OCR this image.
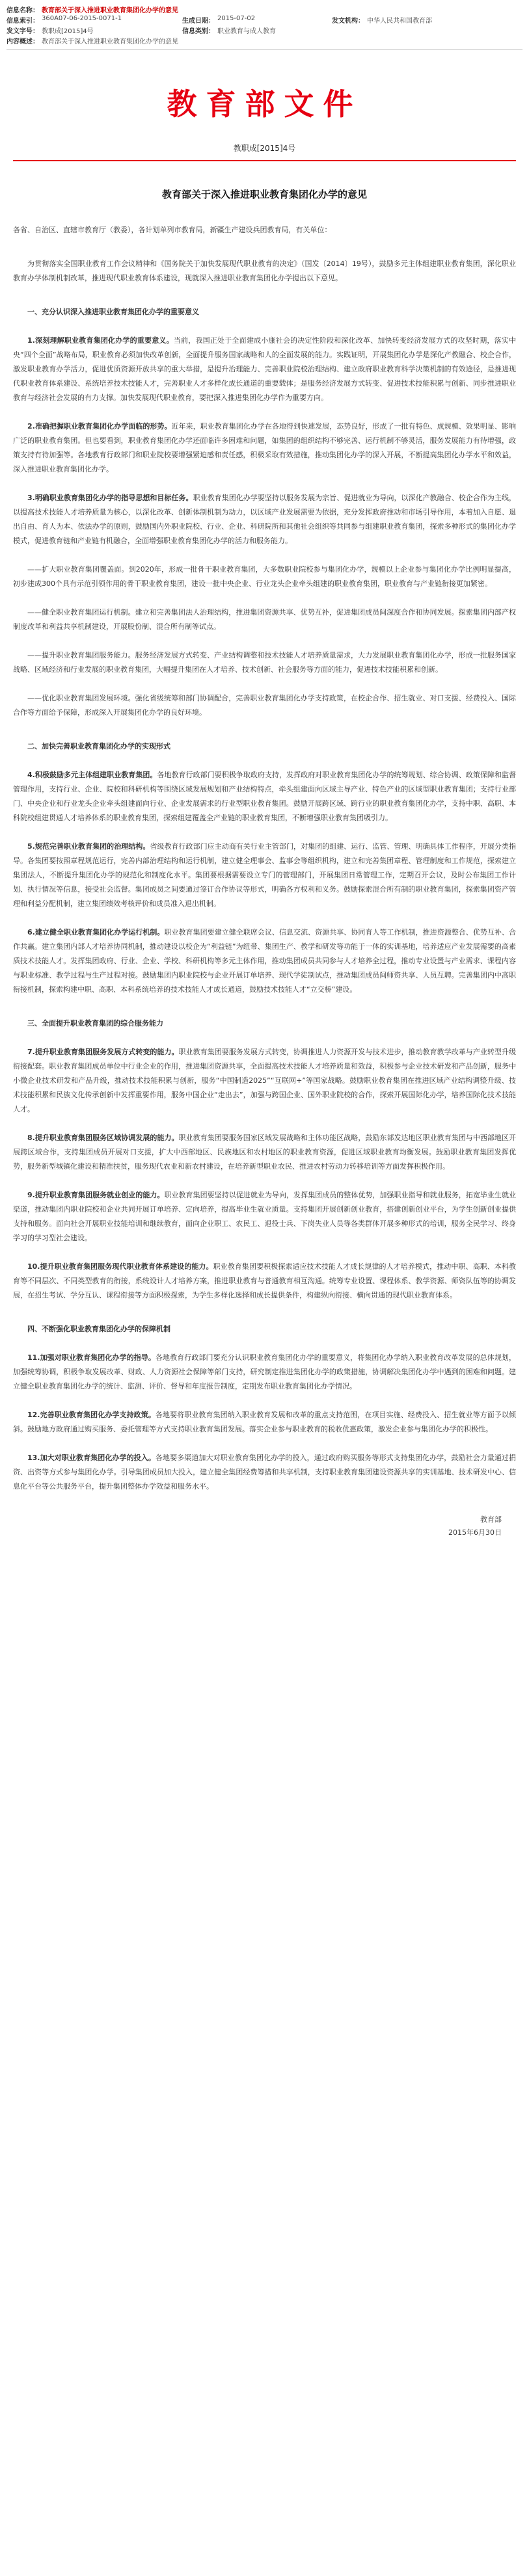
信息名称： 教育部关于深入推进职业教育集团化办学的意见
信息索引： 360A07-06-2015-0071-1	生成日期： 2015-07-02	发文机构： 中华人民共和国教育部
发文字号： 教职成[2015]4号	信息类别： 职业教育与成人教育
内容概述： 教育部关于深入推进职业教育集团化办学的意见
教育部文件
教职成[2015]4号
教育部关于深入推进职业教育集团化办学的意见
各省、自治区、直辖市教育厅（教委），各计划单列市教育局，新疆生产建设兵团教育局，有关单位：

为贯彻落实全国职业教育工作会议精神和《国务院关于加快发展现代职业教育的决定》（国发〔2014〕19号），鼓励多元主体组建职业教育集团，深化职业教育办学体制机制改革，推进现代职业教育体系建设，现就深入推进职业教育集团化办学提出以下意见。

一、充分认识深入推进职业教育集团化办学的重要意义

1.深刻理解职业教育集团化办学的重要意义。当前，我国正处于全面建成小康社会的决定性阶段和深化改革、加快转变经济发展方式的攻坚时期，落实中央“四个全面”战略布局，职业教育必须加快改革创新，全面提升服务国家战略和人的全面发展的能力。实践证明，开展集团化办学是深化产教融合、校企合作，激发职业教育办学活力，促进优质资源开放共享的重大举措，是提升治理能力、完善职业院校治理结构、建立政府职业教育科学决策机制的有效途径，是推进现代职业教育体系建设、系统培养技术技能人才，完善职业人才多样化成长通道的重要载体；是服务经济发展方式转变、促进技术技能积累与创新、同步推进职业教育与经济社会发展的有力支撑。加快发展现代职业教育，要把深入推进集团化办学作为重要方向。

2.准确把握职业教育集团化办学面临的形势。近年来，职业教育集团化办学在各地得到快速发展，态势良好，形成了一批有特色、成规模、效果明显、影响广泛的职业教育集团。但也要看到，职业教育集团化办学还面临许多困难和问题，如集团的组织结构不够完善、运行机制不够灵活，服务发展能力有待增强，政策支持有待加强等。各地教育行政部门和职业院校要增强紧迫感和责任感，积极采取有效措施，推动集团化办学的深入开展，不断提高集团化办学水平和效益，深入推进职业教育集团化办学。

3.明确职业教育集团化办学的指导思想和目标任务。职业教育集团化办学要坚持以服务发展为宗旨、促进就业为导向，以深化产教融合、校企合作为主线，以提高技术技能人才培养质量为核心，以深化改革、创新体制机制为动力，以区域产业发展需要为依据，充分发挥政府推动和市场引导作用，本着加入自愿、退出自由、育人为本、依法办学的原则，鼓励国内外职业院校、行业、企业、科研院所和其他社会组织等共同参与组建职业教育集团，探索多种形式的集团化办学模式，促进教育链和产业链有机融合，全面增强职业教育集团化办学的活力和服务能力。

——扩大职业教育集团覆盖面。到2020年，形成一批骨干职业教育集团，大多数职业院校参与集团化办学，规模以上企业参与集团化办学比例明显提高，初步建成300个具有示范引领作用的骨干职业教育集团，建设一批中央企业、行业龙头企业牵头组建的职业教育集团，职业教育与产业链衔接更加紧密。

——健全职业教育集团运行机制。建立和完善集团法人治理结构，推进集团资源共享、优势互补，促进集团成员间深度合作和协同发展。探索集团内部产权制度改革和利益共享机制建设，开展股份制、混合所有制等试点。

——提升职业教育集团服务能力。服务经济发展方式转变、产业结构调整和技术技能人才培养质量需求，大力发展职业教育集团化办学，形成一批服务国家战略、区域经济和行业发展的职业教育集团，大幅提升集团在人才培养、技术创新、社会服务等方面的能力，促进技术技能积累和创新。

——优化职业教育集团发展环境。强化省级统筹和部门协调配合，完善职业教育集团化办学支持政策，在校企合作、招生就业、对口支援、经费投入、国际合作等方面给予保障，形成深入开展集团化办学的良好环境。

二、加快完善职业教育集团化办学的实现形式

4.积极鼓励多元主体组建职业教育集团。各地教育行政部门要积极争取政府支持，发挥政府对职业教育集团化办学的统筹规划、综合协调、政策保障和监督管理作用，支持行业、企业、院校和科研机构等围绕区域发展规划和产业结构特点，牵头组建面向区域主导产业、特色产业的区域型职业教育集团；支持行业部门、中央企业和行业龙头企业牵头组建面向行业、企业发展需求的行业型职业教育集团。鼓励开展跨区域、跨行业的职业教育集团化办学，支持中职、高职、本科院校组建贯通人才培养体系的职业教育集团，探索组建覆盖全产业链的职业教育集团，不断增强职业教育集团吸引力。

5.规范完善职业教育集团的治理结构。省级教育行政部门应主动商有关行业主管部门，对集团的组建、运行、监管、管理、明确具体工作程序，开展分类指导。各集团要按照章程规范运行，完善内部治理结构和运行机制，建立健全理事会、监事会等组织机构，建立和完善集团章程、管理制度和工作规范，探索建立集团法人，不断提升集团化办学的规范化和制度化水平。集团要根据需要设立专门的管理部门，开展集团日常管理工作，定期召开会议，及时公布集团工作计划、执行情况等信息，接受社会监督。集团成员之间要通过签订合作协议等形式，明确各方权利和义务。鼓励探索混合所有制的职业教育集团，探索集团资产管理和利益分配机制，建立集团绩效考核评价和成员准入退出机制。

6.建立健全职业教育集团化办学运行机制。职业教育集团要建立健全联席会议、信息交流、资源共享、协同育人等工作机制，推进资源整合、优势互补、合作共赢。建立集团内部人才培养协同机制，推动建设以校企为“利益链”为纽带、集团生产、教学和研发等功能于一体的实训基地，培养适应产业发展需要的高素质技术技能人才。发挥集团政府、行业、企业、学校、科研机构等多元主体作用，推动集团成员共同参与人才培养全过程，推动专业设置与产业需求、课程内容与职业标准、教学过程与生产过程对接。鼓励集团内职业院校与企业开展订单培养、现代学徒制试点，推动集团成员间师资共享、人员互聘。完善集团内中高职衔接机制，探索构建中职、高职、本科系统培养的技术技能人才成长通道，鼓励技术技能人才“立交桥”建设。

三、全面提升职业教育集团的综合服务能力

7.提升职业教育集团服务发展方式转变的能力。职业教育集团要服务发展方式转变，协调推进人力资源开发与技术进步，推动教育教学改革与产业转型升级衔接配套。职业教育集团成员单位中行业企业的作用，推进集团资源共享，全面提高技术技能人才培养质量和效益，积极参与企业技术研发和产品创新，服务中小微企业技术研发和产品升级，推动技术技能积累与创新，服务“中国制造2025”“互联网+”等国家战略。鼓励职业教育集团在推进区域产业结构调整升级、技术技能积累和民族文化传承创新中发挥重要作用，服务中国企业“走出去”，加强与跨国企业、国外职业院校的合作，探索开展国际化办学，培养国际化技术技能人才。

8.提升职业教育集团服务区域协调发展的能力。职业教育集团要服务国家区域发展战略和主体功能区战略，鼓励东部发达地区职业教育集团与中西部地区开展跨区域合作，支持集团成员开展对口支援，扩大中西部地区、民族地区和农村地区的职业教育资源，促进区域职业教育均衡发展。鼓励职业教育集团发挥优势，服务新型城镇化建设和精准扶贫，服务现代农业和新农村建设，在培养新型职业农民、推进农村劳动力转移培训等方面发挥积极作用。

9.提升职业教育集团服务就业创业的能力。职业教育集团要坚持以促进就业为导向，发挥集团成员的整体优势，加强职业指导和就业服务，拓宽毕业生就业渠道，推动集团内职业院校和企业共同开展订单培养、定向培养，提高毕业生就业质量。支持集团开展创新创业教育，搭建创新创业平台，为学生创新创业提供支持和服务。面向社会开展职业技能培训和继续教育，面向企业职工、农民工、退役士兵、下岗失业人员等各类群体开展多种形式的培训，服务全民学习、终身学习的学习型社会建设。

10.提升职业教育集团服务现代职业教育体系建设的能力。职业教育集团要积极探索适应技术技能人才成长规律的人才培养模式，推动中职、高职、本科教育等不同层次、不同类型教育的衔接，系统设计人才培养方案，推进职业教育与普通教育相互沟通。统筹专业设置、课程体系、教学资源、师资队伍等的协调发展，在招生考试、学分互认、课程衔接等方面积极探索，为学生多样化选择和成长提供条件，构建纵向衔接、横向贯通的现代职业教育体系。

四、不断强化职业教育集团化办学的保障机制

11.加强对职业教育集团化办学的指导。各地教育行政部门要充分认识职业教育集团化办学的重要意义，将集团化办学纳入职业教育改革发展的总体规划，加强统筹协调，积极争取发展改革、财政、人力资源社会保障等部门支持，研究制定推进集团化办学的政策措施，协调解决集团化办学中遇到的困难和问题。建立健全职业教育集团化办学的统计、监测、评价、督导和年度报告制度，定期发布职业教育集团化办学情况。

12.完善职业教育集团化办学支持政策。各地要将职业教育集团纳入职业教育发展和改革的重点支持范围，在项目实施、经费投入、招生就业等方面予以倾斜。鼓励地方政府通过购买服务、委托管理等方式支持职业教育集团发展。落实企业参与职业教育的税收优惠政策，激发企业参与集团化办学的积极性。

13.加大对职业教育集团化办学的投入。各地要多渠道加大对职业教育集团化办学的投入，通过政府购买服务等形式支持集团化办学，鼓励社会力量通过捐资、出资等方式参与集团化办学。引导集团成员加大投入，建立健全集团经费筹措和共享机制，支持职业教育集团建设资源共享的实训基地、技术研发中心、信息化平台等公共服务平台，提升集团整体办学效益和服务水平。

教育部
2015年6月30日
